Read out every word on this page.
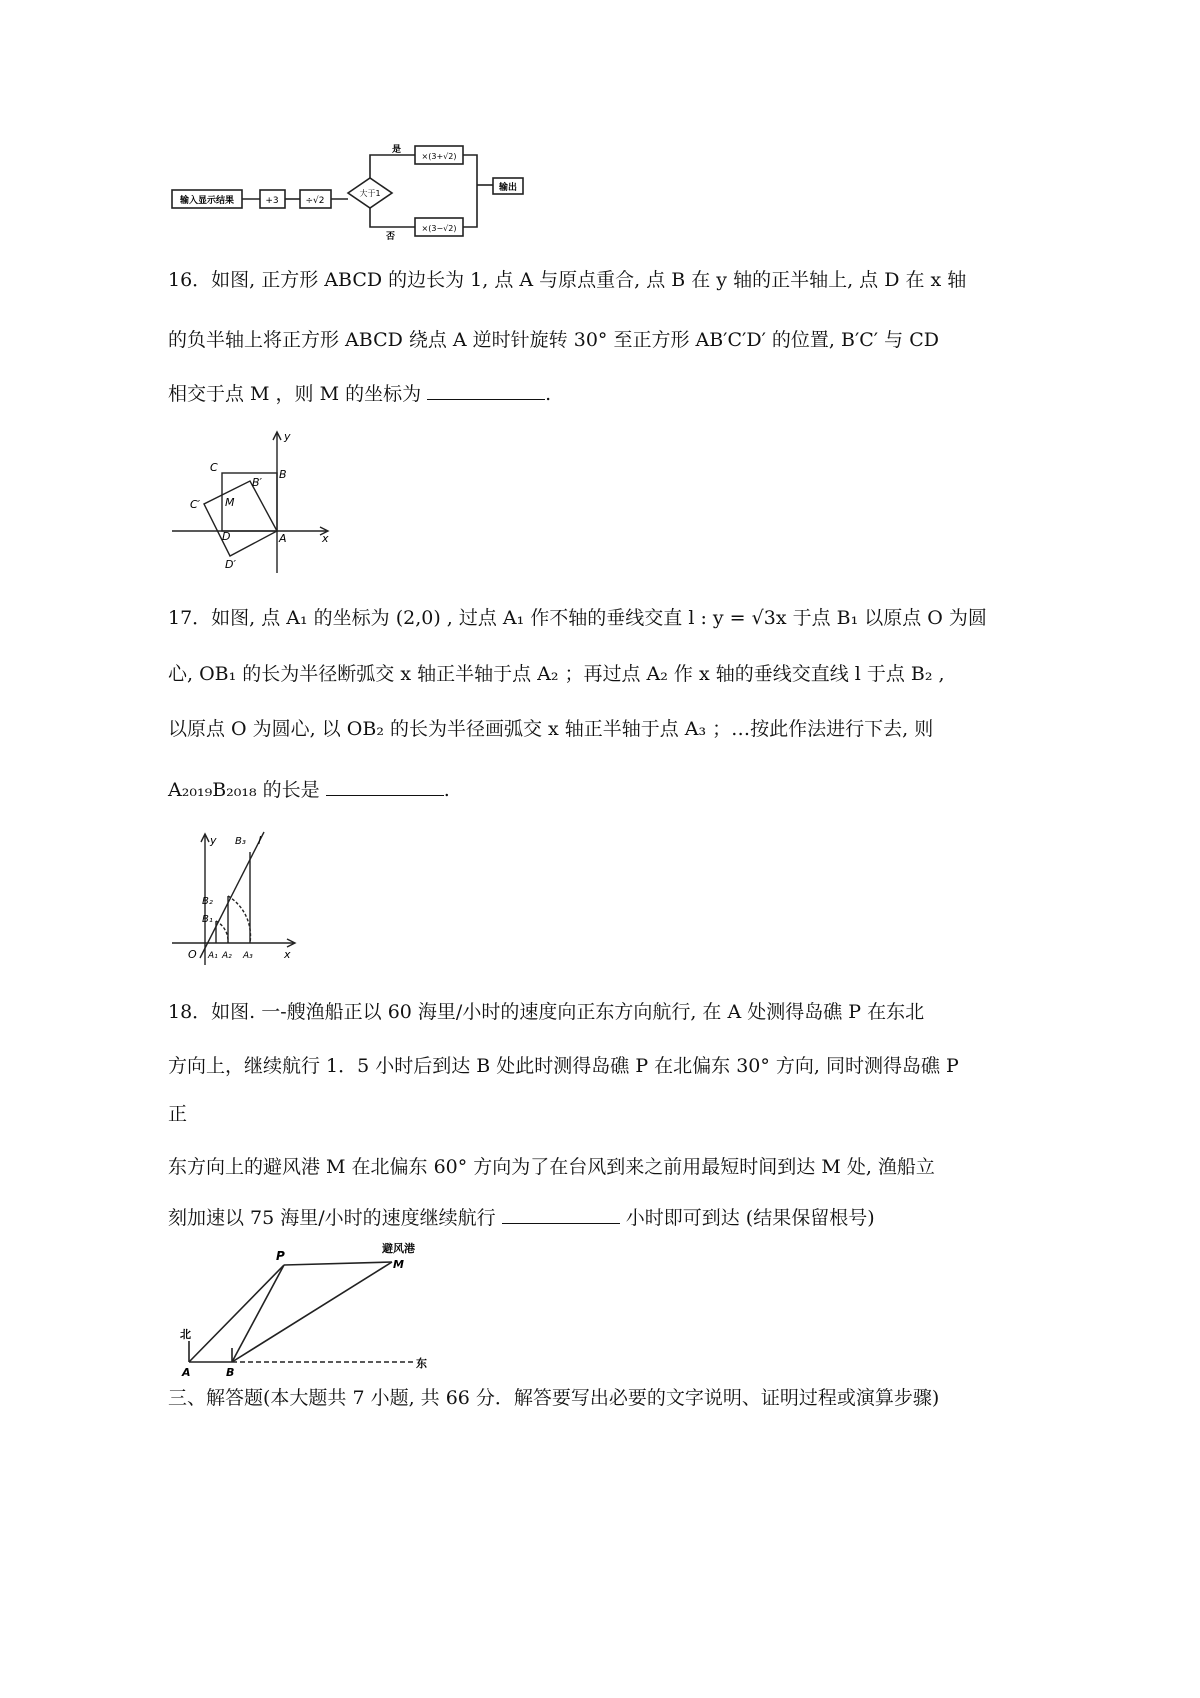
输入显示结果	+3	÷√2
大于1
是
否
×(3+√2)
×(3−√2)
输出
16．如图, 正方形 ABCD 的边长为 1, 点 A 与原点重合, 点 B 在 y 轴的正半轴上, 点 D 在 x 轴
的负半轴上将正方形 ABCD 绕点 A 逆时针旋转 30° 至正方形 AB′C′D′ 的位置, B′C′ 与 CD
相交于点 M ，则 M 的坐标为	.
y
C
B
B′
C′ M
D	A
D′
x
17．如图, 点 A₁ 的坐标为 (2,0) , 过点 A₁ 作不轴的垂线交直 l : y = √3x 于点 B₁ 以原点 O 为圆
心, OB₁ 的长为半径断弧交 x 轴正半轴于点 A₂ ；再过点 A₂ 作 x 轴的垂线交直线 l 于点 B₂ ,
以原点 O 为圆心, 以 OB₂ 的长为半径画弧交 x 轴正半轴于点 A₃ ；…按此作法进行下去, 则
A₂₀₁₉B₂₀₁₈ 的长是	.
y B₃ l
B₂
B₁
O A₁ A₂ A₃	x
18．如图. 一-艘渔船正以 60 海里/小时的速度向正东方向航行, 在 A 处测得岛礁 P 在东北
方向上，继续航行 1．5 小时后到达 B 处此时测得岛礁 P 在北偏东 30° 方向, 同时测得岛礁 P
正
东方向上的避风港 M 在北偏东 60° 方向为了在台风到来之前用最短时间到达 M 处, 渔船立
刻加速以 75 海里/小时的速度继续航行	小时即可到达 (结果保留根号)
P
避风港
M
北
A	B
东
三、解答题(本大题共 7 小题, 共 66 分．解答要写出必要的文字说明、证明过程或演算步骤)
